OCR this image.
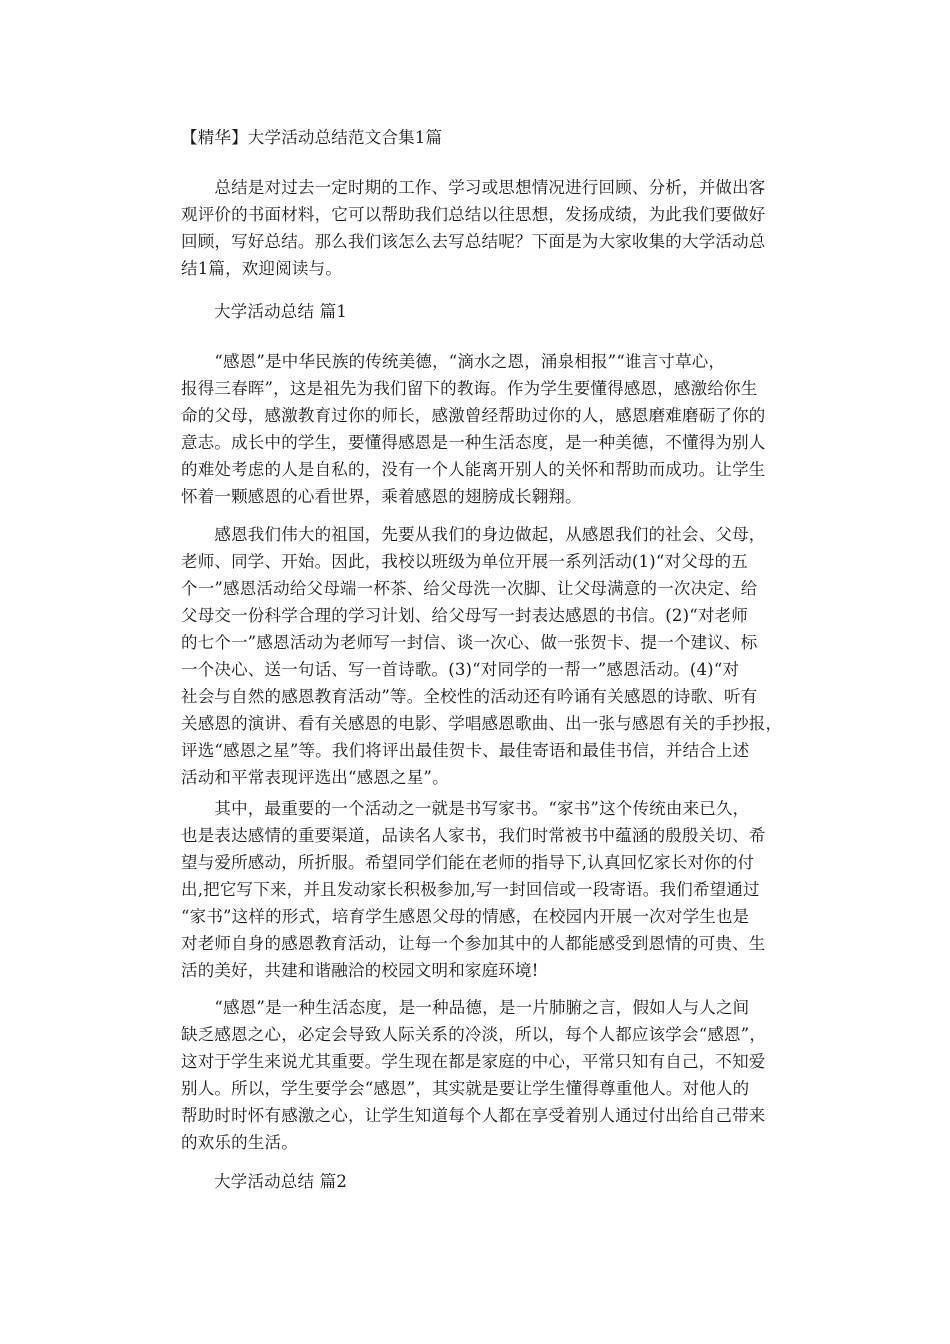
【精华】大学活动总结范文合集1篇
　　总结是对过去一定时期的工作、学习或思想情况进行回顾、分析，并做出客
观评价的书面材料，它可以帮助我们总结以往思想，发扬成绩，为此我们要做好
回顾，写好总结。那么我们该怎么去写总结呢？下面是为大家收集的大学活动总
结1篇，欢迎阅读与。
大学活动总结 篇1
　　“感恩”是中华民族的传统美德，“滴水之恩，涌泉相报”“谁言寸草心，
报得三春晖”，这是祖先为我们留下的教诲。作为学生要懂得感恩，感激给你生
命的父母，感激教育过你的师长，感激曾经帮助过你的人，感恩磨难磨砺了你的
意志。成长中的学生，要懂得感恩是一种生活态度，是一种美德，不懂得为别人
的难处考虑的人是自私的，没有一个人能离开别人的关怀和帮助而成功。让学生
怀着一颗感恩的心看世界，乘着感恩的翅膀成长翱翔。
　　感恩我们伟大的祖国，先要从我们的身边做起，从感恩我们的社会、父母，
老师、同学、开始。因此，我校以班级为单位开展一系列活动(1)“对父母的五
个一”感恩活动给父母端一杯茶、给父母洗一次脚、让父母满意的一次决定、给
父母交一份科学合理的学习计划、给父母写一封表达感恩的书信。(2)“对老师
的七个一”感恩活动为老师写一封信、谈一次心、做一张贺卡、提一个建议、标
一个决心、送一句话、写一首诗歌。(3)“对同学的一帮一”感恩活动。(4)“对
社会与自然的感恩教育活动”等。全校性的活动还有吟诵有关感恩的诗歌、听有
关感恩的演讲、看有关感恩的电影、学唱感恩歌曲、出一张与感恩有关的手抄报，
评选“感恩之星”等。我们将评出最佳贺卡、最佳寄语和最佳书信，并结合上述
活动和平常表现评选出“感恩之星”。
　　其中，最重要的一个活动之一就是书写家书。“家书”这个传统由来已久，
也是表达感情的重要渠道，品读名人家书，我们时常被书中蕴涵的殷殷关切、希
望与爱所感动，所折服。希望同学们能在老师的指导下,认真回忆家长对你的付
出,把它写下来，并且发动家长积极参加,写一封回信或一段寄语。我们希望通过
“家书”这样的形式，培育学生感恩父母的情感，在校园内开展一次对学生也是
对老师自身的感恩教育活动，让每一个参加其中的人都能感受到恩情的可贵、生
活的美好，共建和谐融洽的校园文明和家庭环境!
　　“感恩”是一种生活态度，是一种品德，是一片肺腑之言，假如人与人之间
缺乏感恩之心，必定会导致人际关系的冷淡，所以，每个人都应该学会“感恩”，
这对于学生来说尤其重要。学生现在都是家庭的中心，平常只知有自己，不知爱
别人。所以，学生要学会“感恩”，其实就是要让学生懂得尊重他人。对他人的
帮助时时怀有感激之心，让学生知道每个人都在享受着别人通过付出给自己带来
的欢乐的生活。
大学活动总结 篇2
